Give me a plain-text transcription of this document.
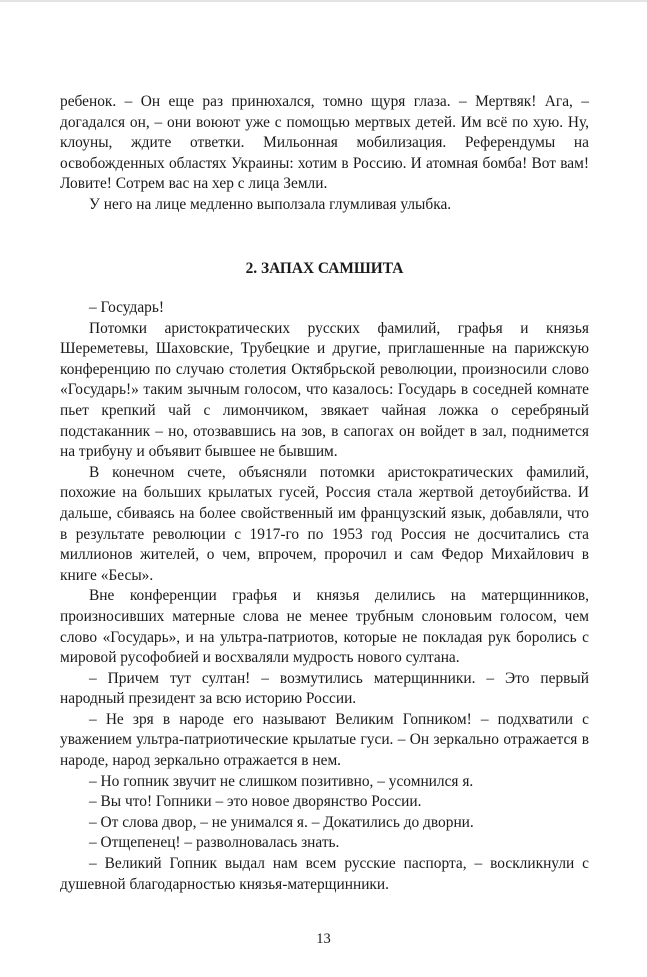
ребенок. – Он еще раз принюхался, томно щуря глаза. – Мертвяк! Ага, – догадался он, – они воюют уже с помощью мертвых детей. Им всё по хую. Ну, клоуны, ждите ответки. Мильонная мобилизация. Референдумы на освобожденных областях Украины: хотим в Россию. И атомная бомба! Вот вам! Ловите! Сотрем вас на хер с лица Земли.

У него на лице медленно выползала глумливая улыбка.

2. ЗАПАХ САМШИТА

– Государь!

Потомки аристократических русских фамилий, графья и князья Шереметевы, Шаховские, Трубецкие и другие, приглашенные на парижскую конференцию по случаю столетия Октябрьской революции, произносили слово «Государь!» таким зычным голосом, что казалось: Государь в соседней комнате пьет крепкий чай с лимончиком, звякает чайная ложка о серебряный подстаканник – но, отозвавшись на зов, в сапогах он войдет в зал, поднимется на трибуну и объявит бывшее не бывшим.

В конечном счете, объясняли потомки аристократических фамилий, похожие на больших крылатых гусей, Россия стала жертвой детоубийства. И дальше, сбиваясь на более свойственный им французский язык, добавляли, что в результате революции с 1917-го по 1953 год Россия не досчитались ста миллионов жителей, о чем, впрочем, пророчил и сам Федор Михайлович в книге «Бесы».

Вне конференции графья и князья делились на матерщинников, произносивших матерные слова не менее трубным слоновьим голосом, чем слово «Государь», и на ультра-патриотов, которые не покладая рук боролись с мировой русофобией и восхваляли мудрость нового султана.

– Причем тут султан! – возмутились матерщинники. – Это первый народный президент за всю историю России.

– Не зря в народе его называют Великим Гопником! – подхватили с уважением ультра-патриотические крылатые гуси. – Он зеркально отражается в народе, народ зеркально отражается в нем.

– Но гопник звучит не слишком позитивно, – усомнился я.

– Вы что! Гопники – это новое дворянство России.

– От слова двор, – не унимался я. – Докатились до дворни.

– Отщепенец! – разволновалась знать.

– Великий Гопник выдал нам всем русские паспорта, – воскликнули с душевной благодарностью князья-матерщинники.

13
